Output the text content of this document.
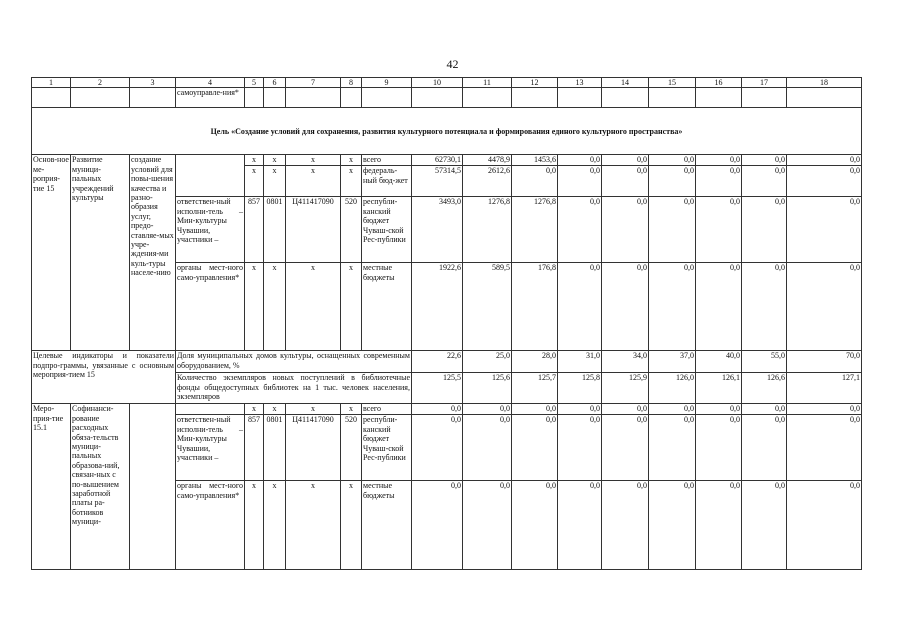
42
1	2	3	4	5	6	7	8	9	10	11	12	13	14	15	16	17	18
			самоуправле-ния*														
Цель «Создание условий для сохранения, развития культурного потенциала и формирования единого культурного пространства»																	
Основ-ное ме-роприя-тие 15	Развитие муници-пальных учреждений культуры	создание условий для повы-шения качества и разно-образия услуг, предо-ставляе-мых учре-ждения-ми куль-туры населе-нию		x	x	x	x	всего	62730,1	4478,9	1453,6	0,0	0,0	0,0	0,0	0,0	0,0
				x	x	x	x	федераль-ный бюд-жет	57314,5	2612,6	0,0	0,0	0,0	0,0	0,0	0,0	0,0
			ответствен-ный исполни-тель – Мин-культуры Чувашии, участники –	857	0801	Ц411417090	520	республи-канский бюджет Чуваш-ской Рес-публики	3493,0	1276,8	1276,8	0,0	0,0	0,0	0,0	0,0	0,0
			органы мест-ного само-управления*	x	x	x	x	местные бюджеты	1922,6	589,5	176,8	0,0	0,0	0,0	0,0	0,0	0,0
Целевые индикаторы и показатели подпро-граммы, увязанные с основным мероприя-тием 15			Доля муниципальных домов культуры, оснащенных современным оборудованием, %						22,6	25,0	28,0	31,0	34,0	37,0	40,0	55,0	70,0
			Количество экземпляров новых поступлений в библиотечные фонды общедоступных библиотек на 1 тыс. человек населения, экземпляров						125,5	125,6	125,7	125,8	125,9	126,0	126,1	126,6	127,1
Меро-прия-тие 15.1	Софинанси-рование расходных обяза-тельств муници-пальных образова-ний, связан-ных с по-вышением заработной платы ра-ботников муници-			x	x	x	x	всего	0,0	0,0	0,0	0,0	0,0	0,0	0,0	0,0	0,0
			ответствен-ный исполни-тель – Мин-культуры Чувашии, участники –	857	0801	Ц411417090	520	республи-канский бюджет Чуваш-ской Рес-публики	0,0	0,0	0,0	0,0	0,0	0,0	0,0	0,0	0,0
			органы мест-ного само-управления*	x	x	x	x	местные бюджеты	0,0	0,0	0,0	0,0	0,0	0,0	0,0	0,0	0,0
